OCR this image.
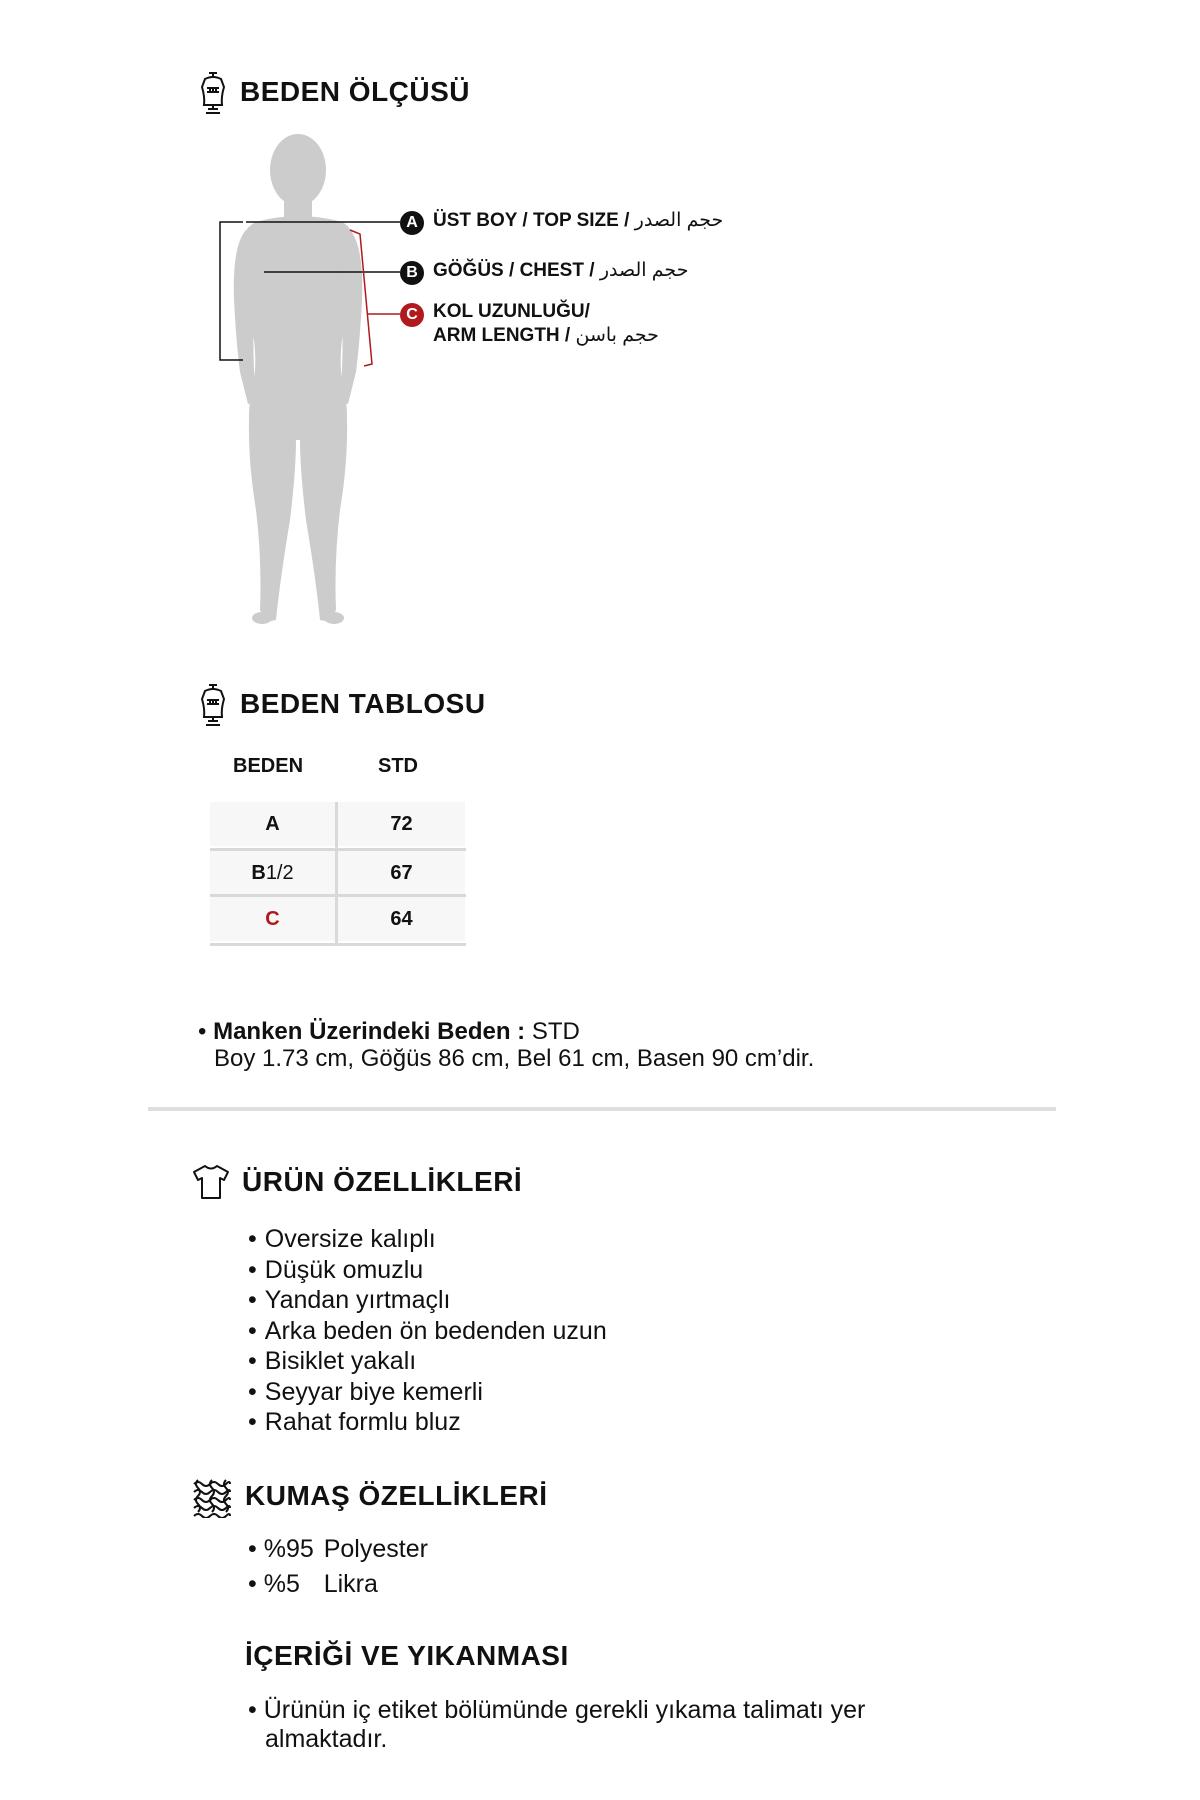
BEDEN ÖLÇÜSÜ
A ÜST BOY / TOP SIZE / حجم الصدر
B GÖĞÜS / CHEST / حجم الصدر
C KOL UZUNLUĞU/
ARM LENGTH / حجم باسن
BEDEN TABLOSU
BEDEN	STD
A	72
B 1/2	67
C	64
• Manken Üzerindeki Beden : STD
Boy 1.73 cm, Göğüs 86 cm, Bel 61 cm, Basen 90 cm’dir.
ÜRÜN ÖZELLİKLERİ
• Oversize kalıplı
• Düşük omuzlu
• Yandan yırtmaçlı
• Arka beden ön bedenden uzun
• Bisiklet yakalı
• Seyyar biye kemerli
• Rahat formlu bluz
KUMAŞ ÖZELLİKLERİ
• %95 Polyester
• %5 Likra
İÇERİĞİ VE YIKANMASI
• Ürünün iç etiket bölümünde gerekli yıkama talimatı yer
almaktadır.
